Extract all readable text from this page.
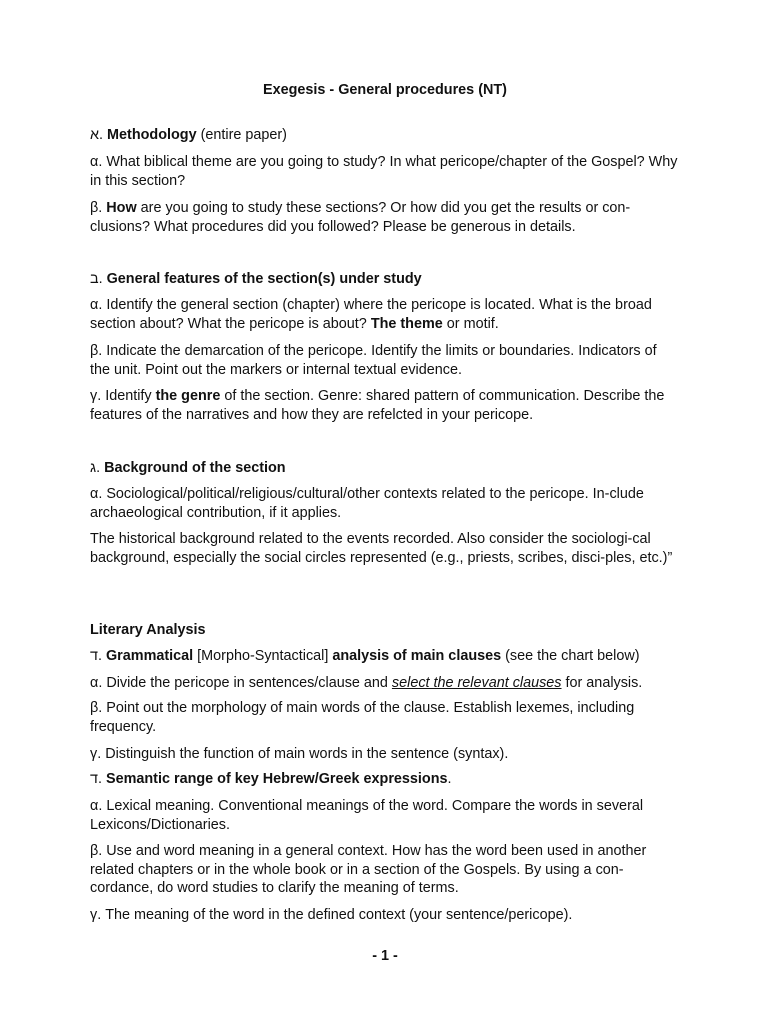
Exegesis - General procedures (NT)

א. Methodology (entire paper)

α. What biblical theme are you going to study? In what pericope/chapter of the Gospel? Why in this section?

β. How are you going to study these sections? Or how did you get the results or con-clusions? What procedures did you followed? Please be generous in details.

ב. General features of the section(s) under study

α. Identify the general section (chapter) where the pericope is located. What is the broad section about? What the pericope is about? The theme or motif.

β. Indicate the demarcation of the pericope. Identify the limits or boundaries. Indicators of the unit. Point out the markers or internal textual evidence.

γ. Identify the genre of the section. Genre: shared pattern of communication. Describe the features of the narratives and how they are refelcted in your pericope.

ג. Background of the section

α. Sociological/political/religious/cultural/other contexts related to the pericope. In-clude archaeological contribution, if it applies.

The historical background related to the events recorded. Also consider the sociologi-cal background, especially the social circles represented (e.g., priests, scribes, disci-ples, etc.)”

Literary Analysis

ד. Grammatical [Morpho-Syntactical] analysis of main clauses (see the chart below)

α. Divide the pericope in sentences/clause and select the relevant clauses for analysis.

β. Point out the morphology of main words of the clause. Establish lexemes, including frequency.

γ. Distinguish the function of main words in the sentence (syntax).

ד. Semantic range of key Hebrew/Greek expressions.

α. Lexical meaning. Conventional meanings of the word. Compare the words in several Lexicons/Dictionaries.

β. Use and word meaning in a general context. How has the word been used in another related chapters or in the whole book or in a section of the Gospels. By using a con-cordance, do word studies to clarify the meaning of terms.

γ. The meaning of the word in the defined context (your sentence/pericope).

- 1 -
